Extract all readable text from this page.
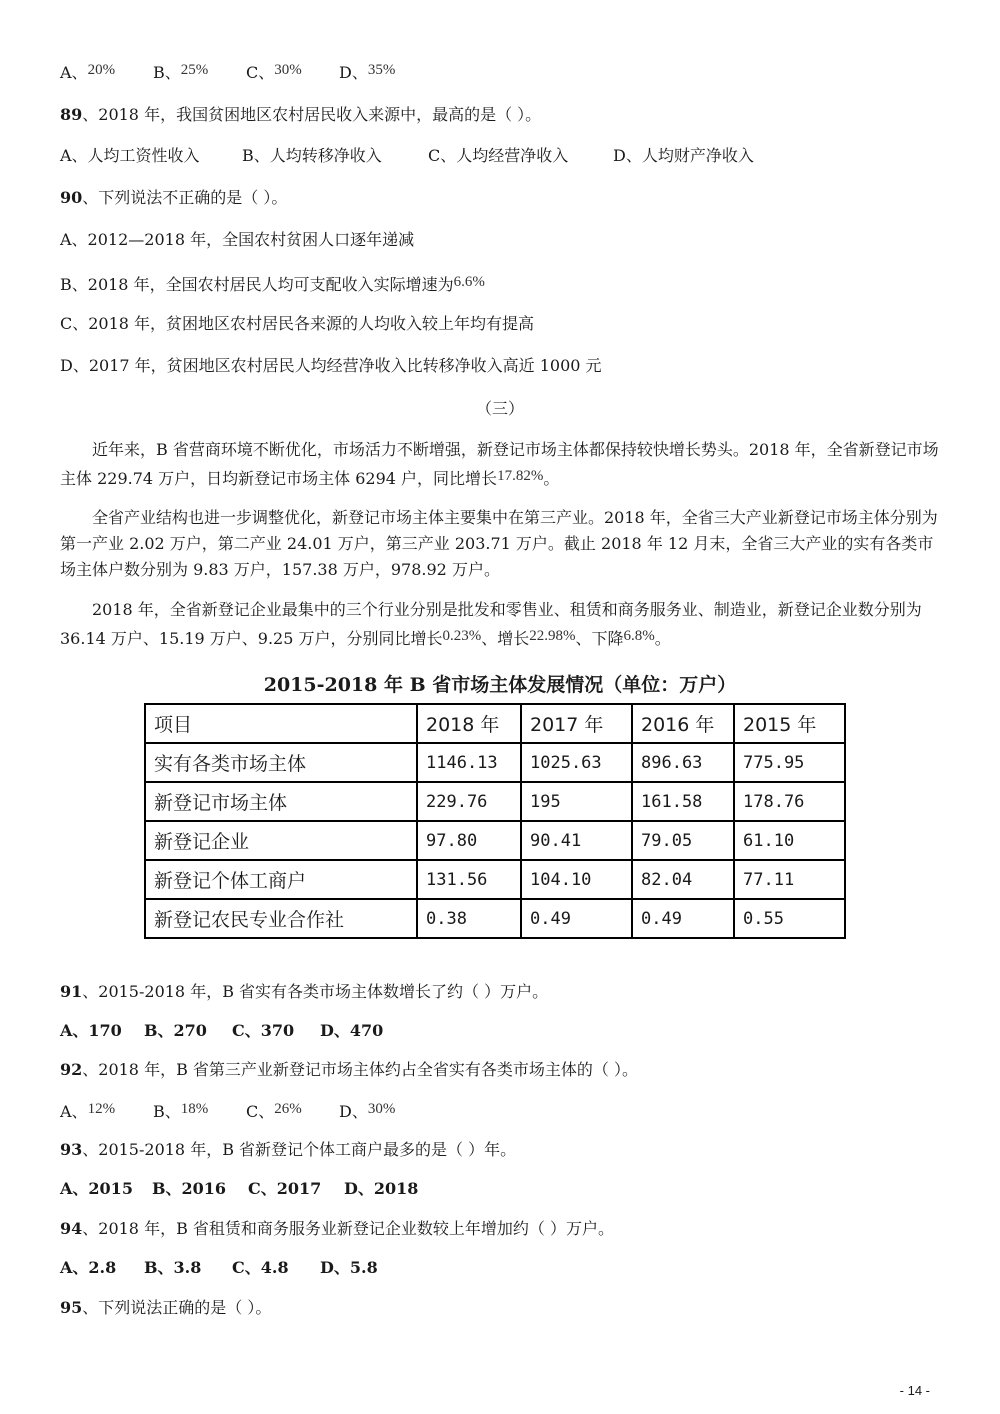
A、20% B、25% C、30% D、35%
89、2018 年，我国贫困地区农村居民收入来源中，最高的是（ ）。
A、人均工资性收入	B、人均转移净收入	C、人均经营净收入	D、人均财产净收入
90、下列说法不正确的是（ ）。
A、2012—2018 年，全国农村贫困人口逐年递减
B、2018 年，全国农村居民人均可支配收入实际增速为6.6%
C、2018 年，贫困地区农村居民各来源的人均收入较上年均有提高
D、2017 年，贫困地区农村居民人均经营净收入比转移净收入高近 1000 元
（三）
近年来，B 省营商环境不断优化，市场活力不断增强，新登记市场主体都保持较快增长势头。2018 年，全省新登记市场主体 229.74 万户，日均新登记市场主体 6294 户，同比增长17.82%。
全省产业结构也进一步调整优化，新登记市场主体主要集中在第三产业。2018 年，全省三大产业新登记市场主体分别为第一产业 2.02 万户，第二产业 24.01 万户，第三产业 203.71 万户。截止 2018 年 12 月末，全省三大产业的实有各类市场主体户数分别为 9.83 万户，157.38 万户，978.92 万户。
2018 年，全省新登记企业最集中的三个行业分别是批发和零售业、租赁和商务服务业、制造业，新登记企业数分别为 36.14 万户、15.19 万户、9.25 万户，分别同比增长0.23%、增长22.98%、下降6.8%。
2015-2018 年 B 省市场主体发展情况（单位：万户）
项目	2018 年	2017 年	2016 年	2015 年
实有各类市场主体	1146.13	1025.63	896.63	775.95
新登记市场主体	229.76	195	161.58	178.76
新登记企业	97.80	90.41	79.05	61.10
新登记个体工商户	131.56	104.10	82.04	77.11
新登记农民专业合作社	0.38	0.49	0.49	0.55
91、2015-2018 年，B 省实有各类市场主体数增长了约（ ）万户。
A、170 B、270 C、370 D、470
92、2018 年，B 省第三产业新登记市场主体约占全省实有各类市场主体的（ ）。
A、12% B、18% C、26% D、30%
93、2015-2018 年，B 省新登记个体工商户最多的是（ ）年。
A、2015 B、2016 C、2017 D、2018
94、2018 年，B 省租赁和商务服务业新登记企业数较上年增加约（ ）万户。
A、2.8 B、3.8 C、4.8 D、5.8
95、下列说法正确的是（ ）。
- 14 -
